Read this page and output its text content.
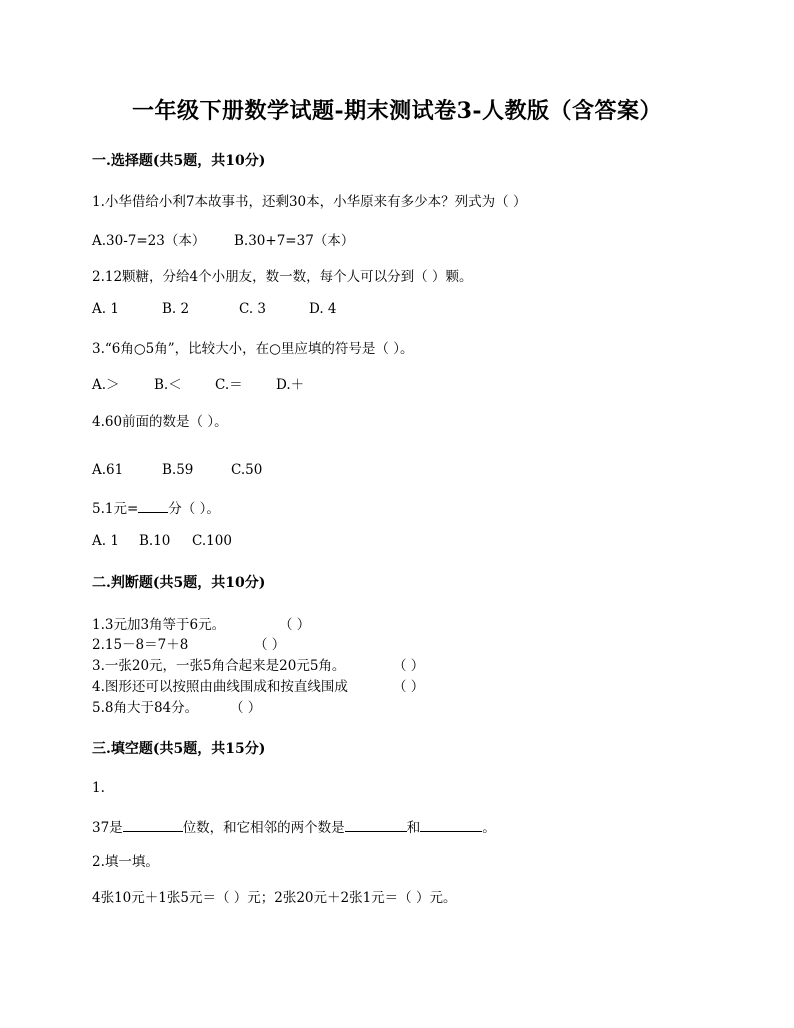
一年级下册数学试题-期末测试卷3-人教版（含答案）
一.选择题(共5题，共10分)
1.小华借给小利7本故事书，还剩30本，小华原来有多少本？列式为（ ）
A.30-7=23（本） B.30+7=37（本）
2.12颗糖，分给4个小朋友，数一数，每个人可以分到（ ）颗。
A. 1	B. 2	C. 3	D. 4
3.“6角○5角”，比较大小，在○里应填的符号是（ ）。
A.＞	B.＜ C.＝ D.＋
4.60前面的数是（ ）。
A.61	B.59	C.50
5.1元= 分（ ）。
A. 1 B.10 C.100
二.判断题(共5题，共10分)
1.3元加3角等于6元。	（ ）
2.15－8＝7＋8	（ ）
3.一张20元，一张5角合起来是20元5角。	（ ）
4.图形还可以按照由曲线围成和按直线围成	（ ）
5.8角大于84分。 （ ）
三.填空题(共5题，共15分)
1.
37是	位数，和它相邻的两个数是	和	。
2.填一填。
4张10元＋1张5元＝（ ）元；2张20元＋2张1元＝（ ）元。
